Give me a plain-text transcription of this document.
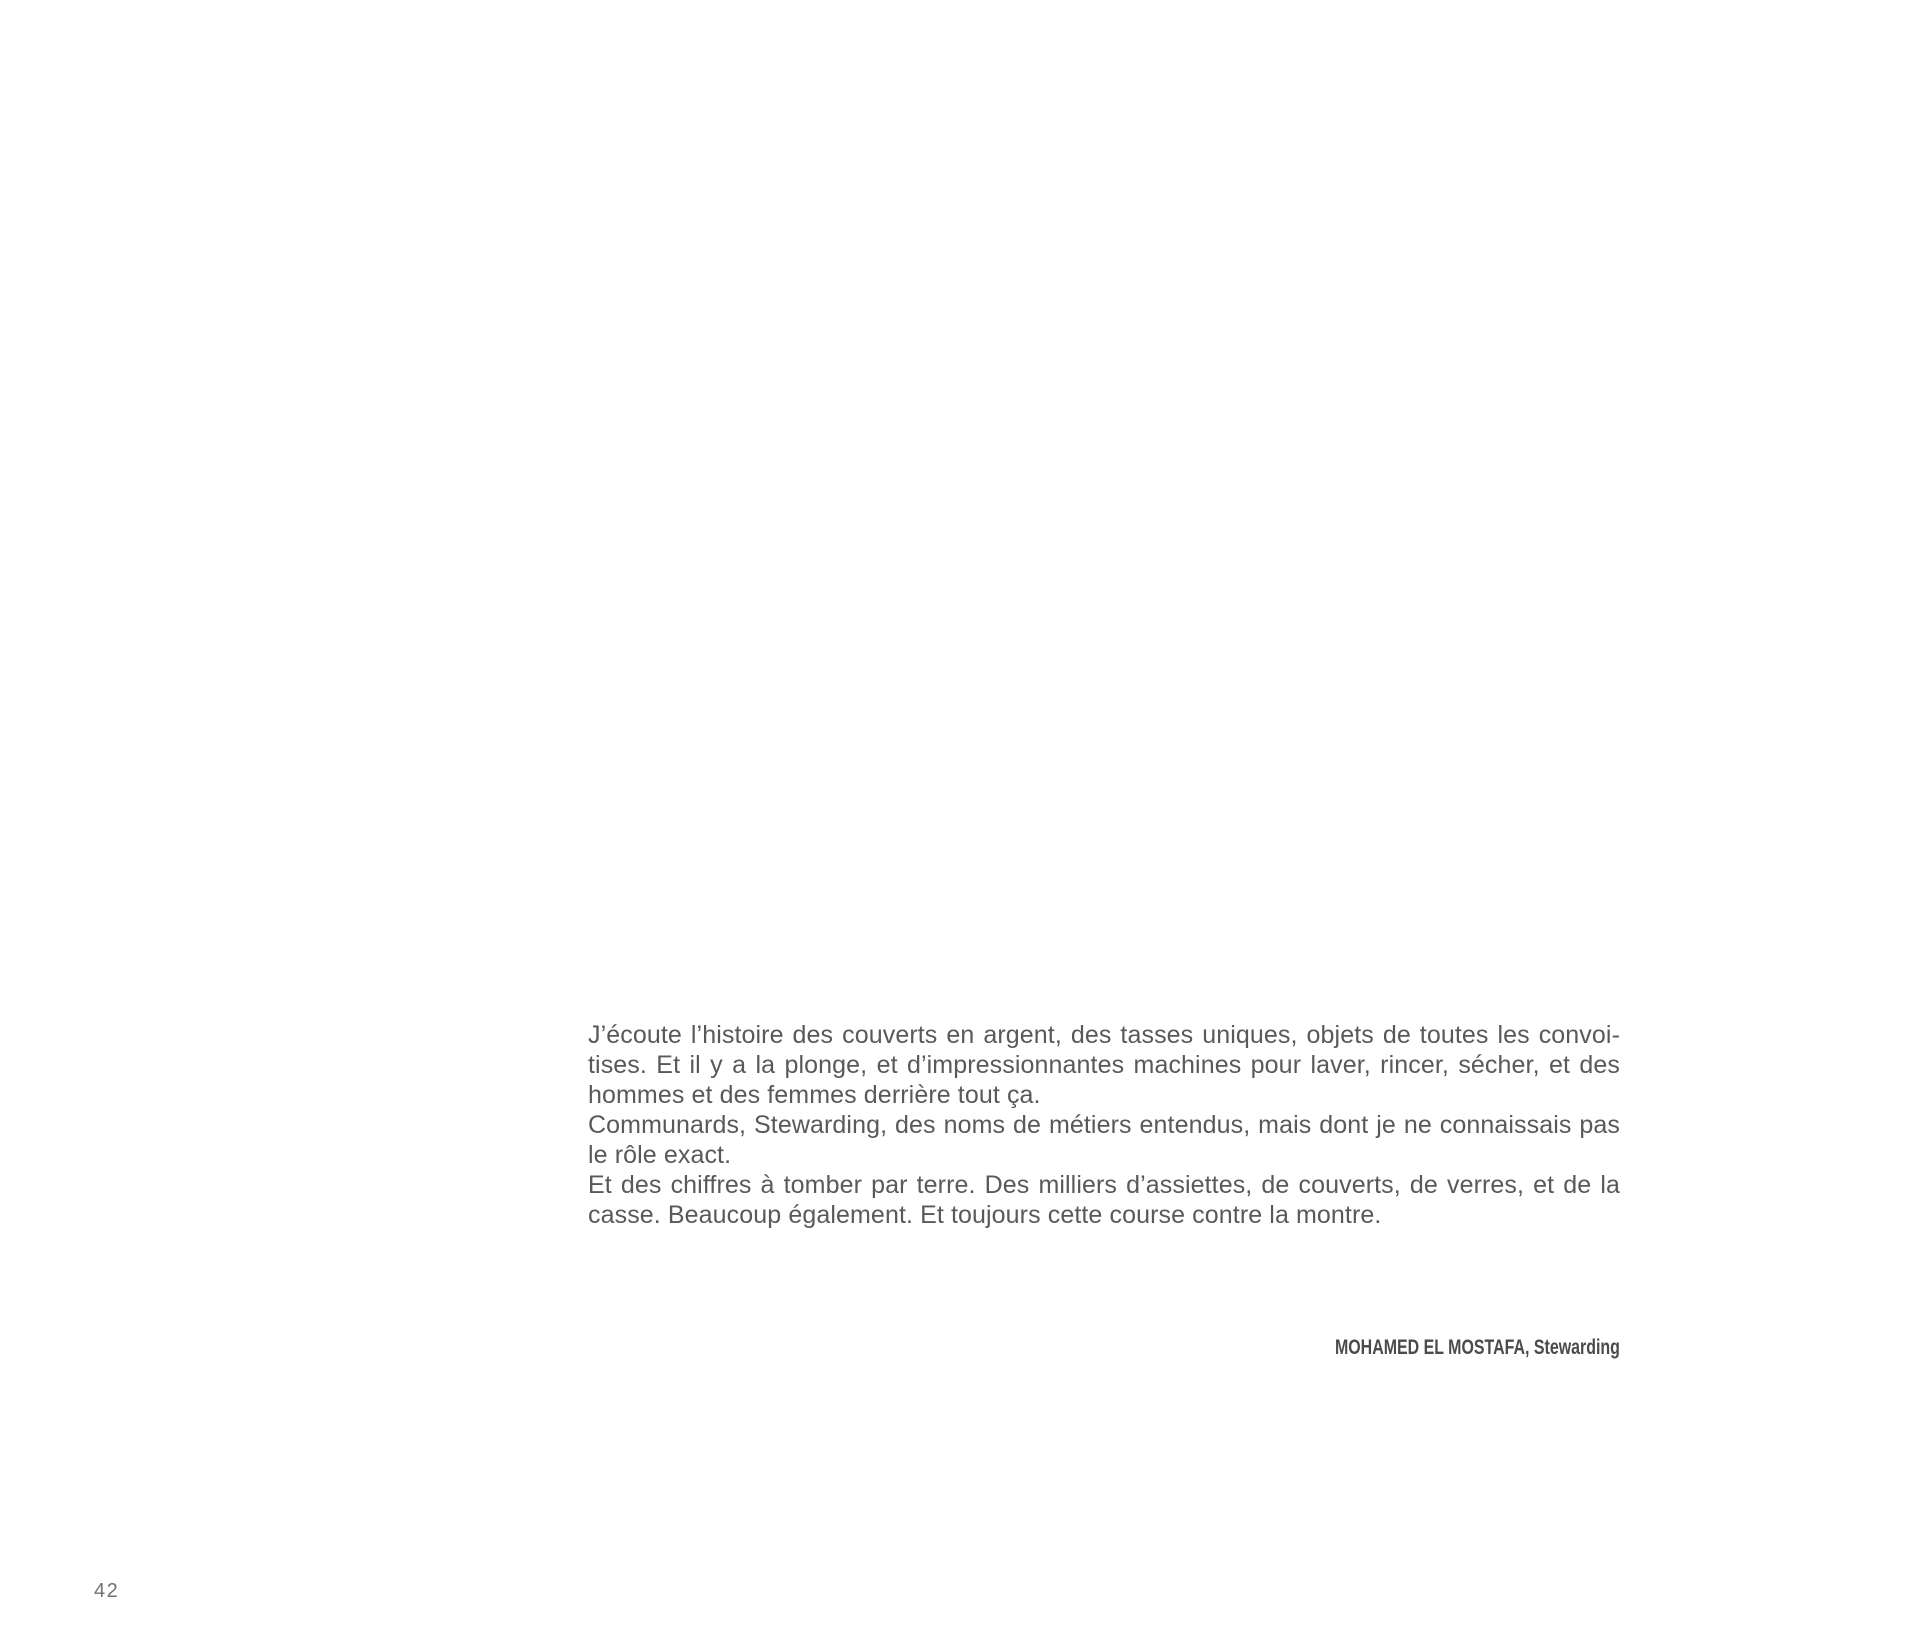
J’écoute l’histoire des couverts en argent, des tasses uniques, objets de toutes les convoi-

tises. Et il y a la plonge, et d’impressionnantes machines pour laver, rincer, sécher, et des

hommes et des femmes derrière tout ça.

Communards, Stewarding, des noms de métiers entendus, mais dont je ne connaissais pas

le rôle exact.

Et des chiffres à tomber par terre. Des milliers d’assiettes, de couverts, de verres, et de la

casse. Beaucoup également. Et toujours cette course contre la montre.

MOHAMED EL MOSTAFA, Stewarding
42
